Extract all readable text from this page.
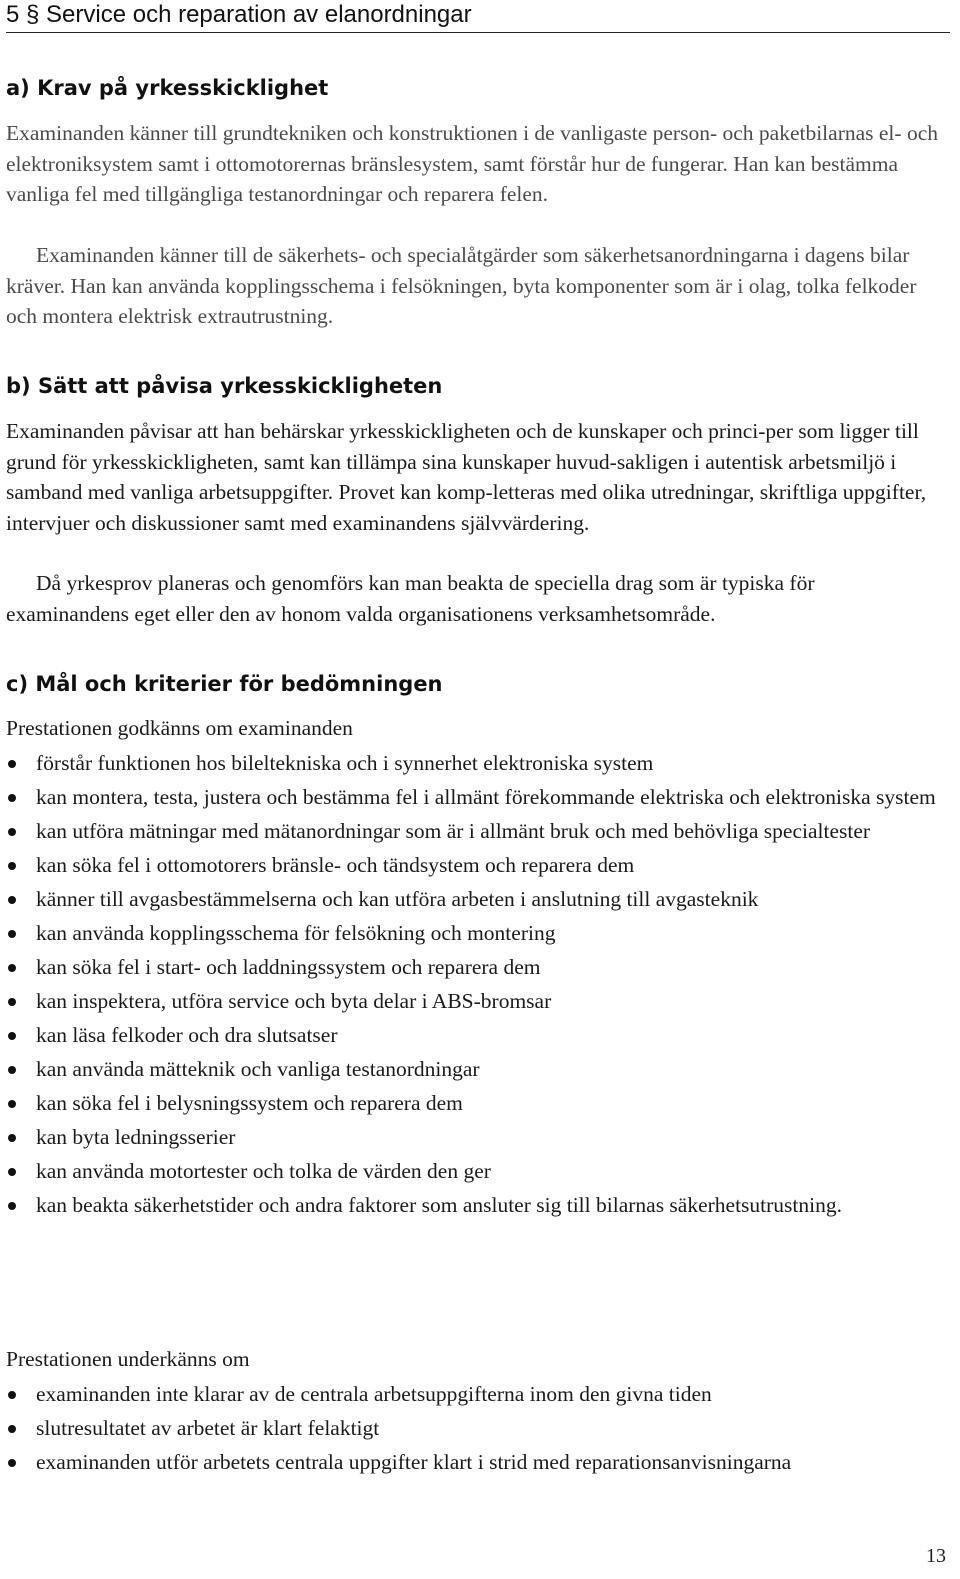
5 § Service och reparation av elanordningar
a) Krav på yrkesskicklighet

Examinanden känner till grundtekniken och konstruktionen i de vanligaste person- och paketbilarnas el- och elektroniksystem samt i ottomotorernas bränslesystem, samt förstår hur de fungerar. Han kan bestämma vanliga fel med tillgängliga testanordningar och reparera felen.

Examinanden känner till de säkerhets- och specialåtgärder som säkerhetsanordningarna i dagens bilar kräver. Han kan använda kopplingsschema i felsökningen, byta komponenter som är i olag, tolka felkoder och montera elektrisk extrautrustning.

b) Sätt att påvisa yrkesskickligheten

Examinanden påvisar att han behärskar yrkesskickligheten och de kunskaper och princi-per som ligger till grund för yrkesskickligheten, samt kan tillämpa sina kunskaper huvud-sakligen i autentisk arbetsmiljö i samband med vanliga arbetsuppgifter. Provet kan komp-letteras med olika utredningar, skriftliga uppgifter, intervjuer och diskussioner samt med examinandens självvärdering.

Då yrkesprov planeras och genomförs kan man beakta de speciella drag som är typiska för examinandens eget eller den av honom valda organisationens verksamhetsområde.

c) Mål och kriterier för bedömningen

Prestationen godkänns om examinanden

förstår funktionen hos bileltekniska och i synnerhet elektroniska system
kan montera, testa, justera och bestämma fel i allmänt förekommande elektriska och elektroniska system
kan utföra mätningar med mätanordningar som är i allmänt bruk och med behövliga specialtester
kan söka fel i ottomotorers bränsle- och tändsystem och reparera dem
känner till avgasbestämmelserna och kan utföra arbeten i anslutning till avgasteknik
kan använda kopplingsschema för felsökning och montering
kan söka fel i start- och laddningssystem och reparera dem
kan inspektera, utföra service och byta delar i ABS-bromsar
kan läsa felkoder och dra slutsatser
kan använda mätteknik och vanliga testanordningar
kan söka fel i belysningssystem och reparera dem
kan byta ledningsserier
kan använda motortester och tolka de värden den ger
kan beakta säkerhetstider och andra faktorer som ansluter sig till bilarnas säkerhetsutrustning.

Prestationen underkänns om

examinanden inte klarar av de centrala arbetsuppgifterna inom den givna tiden
slutresultatet av arbetet är klart felaktigt
examinanden utför arbetets centrala uppgifter klart i strid med reparationsanvisningarna
13
